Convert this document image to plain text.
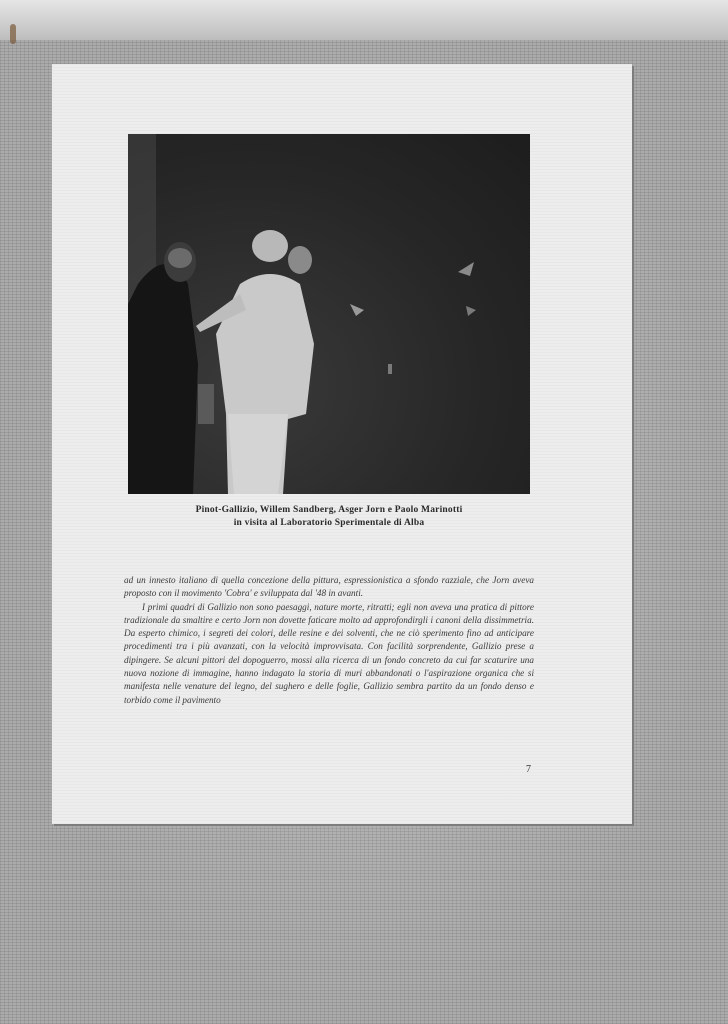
Pinot-Gallizio, Willem Sandberg, Asger Jorn e Paolo Marinotti
in visita al Laboratorio Sperimentale di Alba

ad un innesto italiano di quella concezione della pittura, espressionistica a sfondo razziale, che Jorn aveva proposto con il movimento 'Cobra' e sviluppata dal '48 in avanti.

I primi quadri di Gallizio non sono paesaggi, nature morte, ritratti; egli non aveva una pratica di pittore tradizionale da smaltire e certo Jorn non dovette faticare molto ad approfondirgli i canoni della dissimmetria. Da esperto chimico, i segreti dei colori, delle resine e dei solventi, che ne ciò sperimento fino ad anticipare procedimenti tra i più avanzati, con la velocità improvvisata. Con facilità sorprendente, Gallizio prese a dipingere. Se alcuni pittori del dopoguerro, mossi alla ricerca di un fondo concreto da cui far scaturire una nuova nozione di immagine, hanno indagato la storia di muri abbandonati o l'aspirazione organica che si manifesta nelle venature del legno, del sughero e delle foglie, Gallizio sembra partito da un fondo denso e torbido come il pavimento

7
